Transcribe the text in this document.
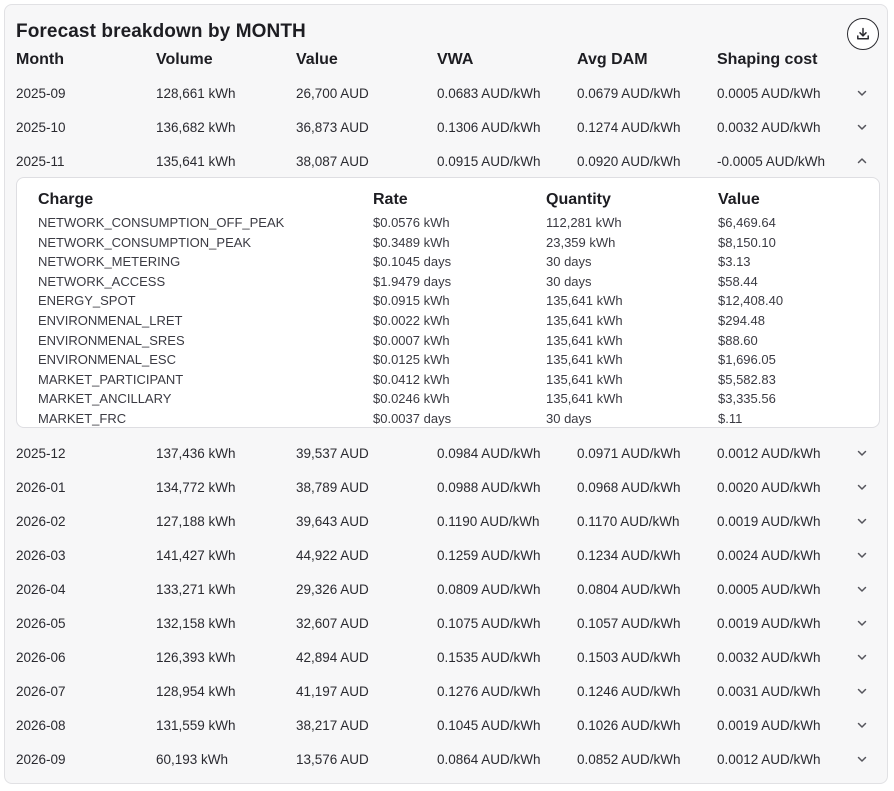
Forecast breakdown by MONTH
Month	Volume	Value	VWA	Avg DAM	Shaping cost
2025-09	128,661 kWh	26,700 AUD	0.0683 AUD/kWh	0.0679 AUD/kWh	0.0005 AUD/kWh
2025-10	136,682 kWh	36,873 AUD	0.1306 AUD/kWh	0.1274 AUD/kWh	0.0032 AUD/kWh
2025-11	135,641 kWh	38,087 AUD	0.0915 AUD/kWh	0.0920 AUD/kWh	-0.0005 AUD/kWh
Charge	Rate	Quantity	Value
NETWORK_CONSUMPTION_OFF_PEAK	$0.0576 kWh	112,281 kWh	$6,469.64
NETWORK_CONSUMPTION_PEAK	$0.3489 kWh	23,359 kWh	$8,150.10
NETWORK_METERING	$0.1045 days	30 days	$3.13
NETWORK_ACCESS	$1.9479 days	30 days	$58.44
ENERGY_SPOT	$0.0915 kWh	135,641 kWh	$12,408.40
ENVIRONMENAL_LRET	$0.0022 kWh	135,641 kWh	$294.48
ENVIRONMENAL_SRES	$0.0007 kWh	135,641 kWh	$88.60
ENVIRONMENAL_ESC	$0.0125 kWh	135,641 kWh	$1,696.05
MARKET_PARTICIPANT	$0.0412 kWh	135,641 kWh	$5,582.83
MARKET_ANCILLARY	$0.0246 kWh	135,641 kWh	$3,335.56
MARKET_FRC	$0.0037 days	30 days	$.11
2025-12	137,436 kWh	39,537 AUD	0.0984 AUD/kWh	0.0971 AUD/kWh	0.0012 AUD/kWh
2026-01	134,772 kWh	38,789 AUD	0.0988 AUD/kWh	0.0968 AUD/kWh	0.0020 AUD/kWh
2026-02	127,188 kWh	39,643 AUD	0.1190 AUD/kWh	0.1170 AUD/kWh	0.0019 AUD/kWh
2026-03	141,427 kWh	44,922 AUD	0.1259 AUD/kWh	0.1234 AUD/kWh	0.0024 AUD/kWh
2026-04	133,271 kWh	29,326 AUD	0.0809 AUD/kWh	0.0804 AUD/kWh	0.0005 AUD/kWh
2026-05	132,158 kWh	32,607 AUD	0.1075 AUD/kWh	0.1057 AUD/kWh	0.0019 AUD/kWh
2026-06	126,393 kWh	42,894 AUD	0.1535 AUD/kWh	0.1503 AUD/kWh	0.0032 AUD/kWh
2026-07	128,954 kWh	41,197 AUD	0.1276 AUD/kWh	0.1246 AUD/kWh	0.0031 AUD/kWh
2026-08	131,559 kWh	38,217 AUD	0.1045 AUD/kWh	0.1026 AUD/kWh	0.0019 AUD/kWh
2026-09	60,193 kWh	13,576 AUD	0.0864 AUD/kWh	0.0852 AUD/kWh	0.0012 AUD/kWh
